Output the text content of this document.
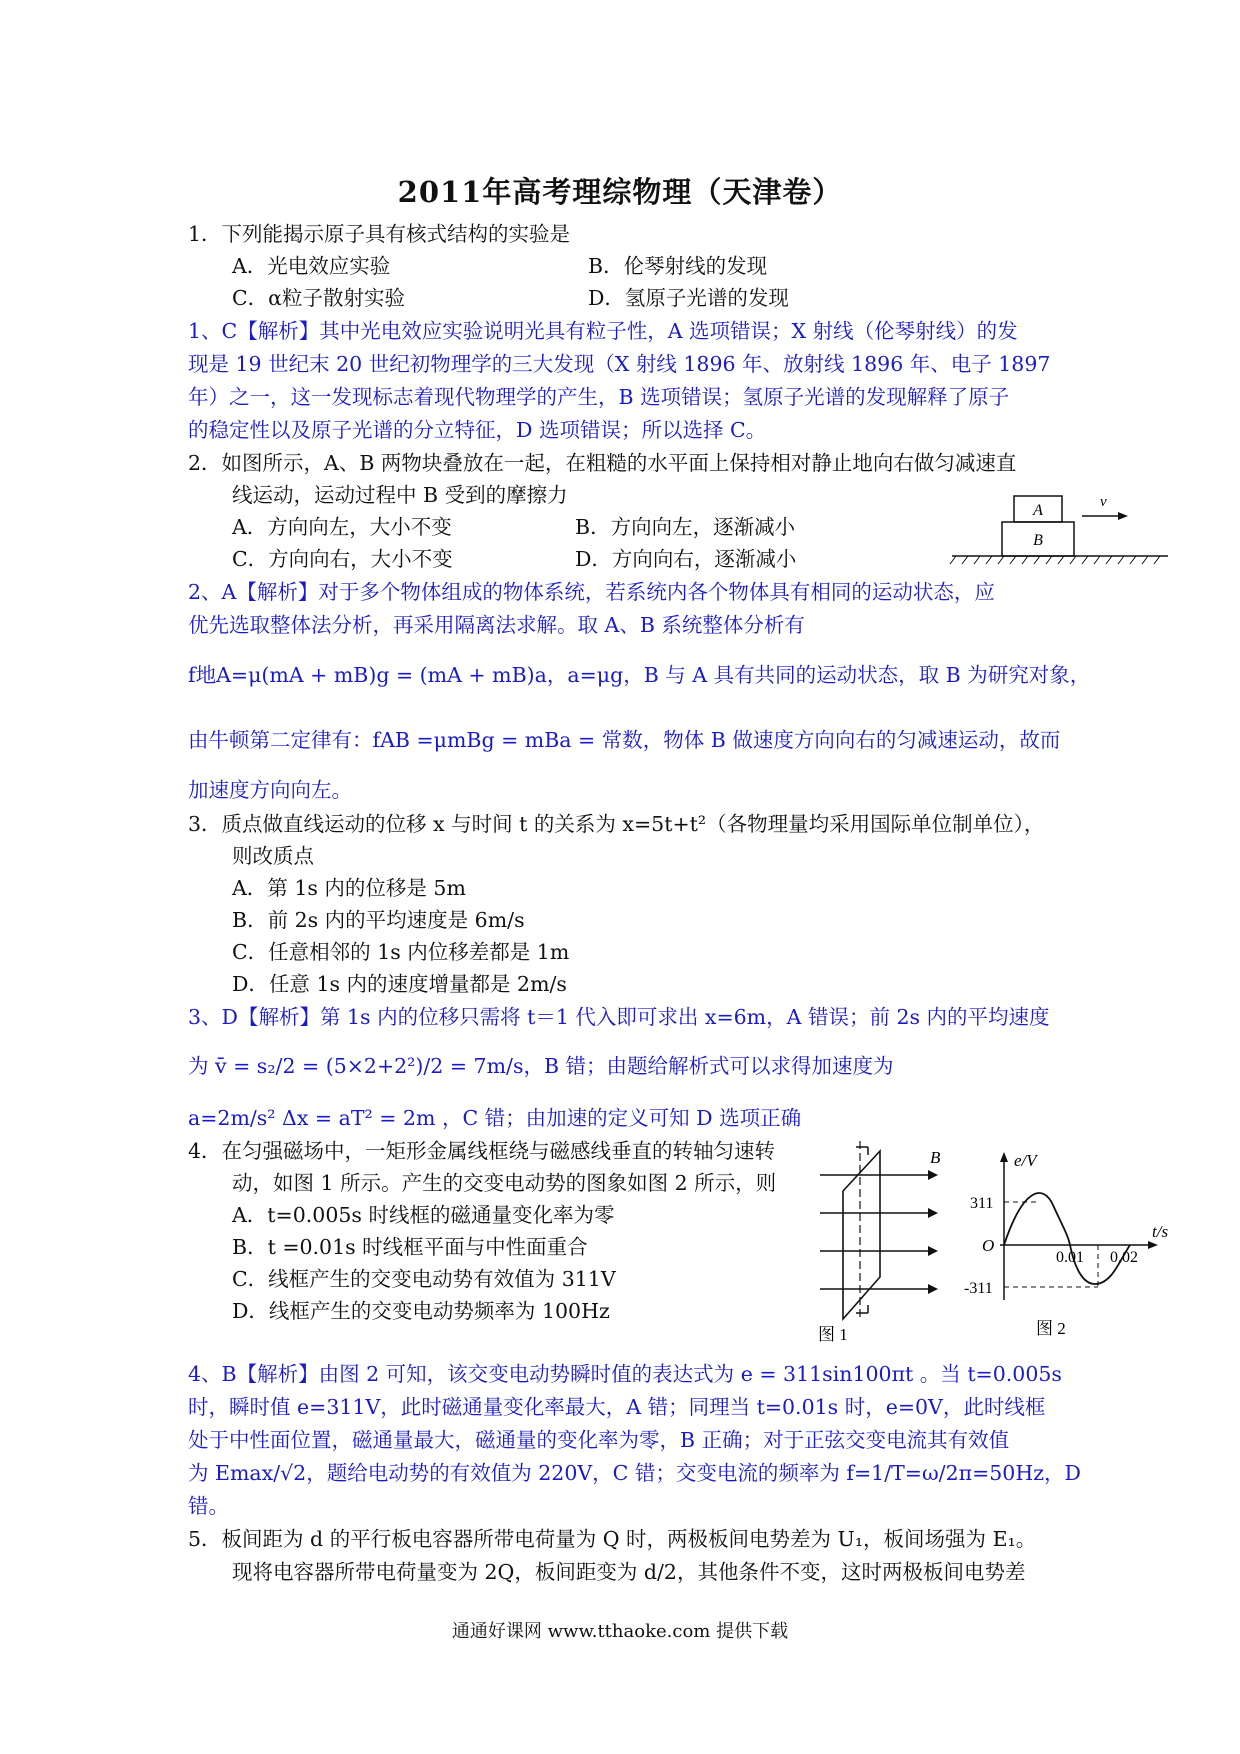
2011年高考理综物理（天津卷）
1．下列能揭示原子具有核式结构的实验是
A．光电效应实验	B．伦琴射线的发现
C．α粒子散射实验	D．氢原子光谱的发现
1、C【解析】其中光电效应实验说明光具有粒子性，A 选项错误；X 射线（伦琴射线）的发
现是 19 世纪末 20 世纪初物理学的三大发现（X 射线 1896 年、放射线 1896 年、电子 1897
年）之一，这一发现标志着现代物理学的产生，B 选项错误；氢原子光谱的发现解释了原子
的稳定性以及原子光谱的分立特征，D 选项错误；所以选择 C。
2．如图所示，A、B 两物块叠放在一起，在粗糙的水平面上保持相对静止地向右做匀减速直
线运动，运动过程中 B 受到的摩擦力
A．方向向左，大小不变	B．方向向左，逐渐减小
C．方向向右，大小不变	D．方向向右，逐渐减小
A
B
v
2、A【解析】对于多个物体组成的物体系统，若系统内各个物体具有相同的运动状态，应
优先选取整体法分析，再采用隔离法求解。取 A、B 系统整体分析有
f地A=μ(mA + mB)g = (mA + mB)a，a=μg，B 与 A 具有共同的运动状态，取 B 为研究对象，
由牛顿第二定律有：fAB =μmBg = mBa = 常数，物体 B 做速度方向向右的匀减速运动，故而
加速度方向向左。
3．质点做直线运动的位移 x 与时间 t 的关系为 x=5t+t²（各物理量均采用国际单位制单位），
则改质点
A．第 1s 内的位移是 5m
B．前 2s 内的平均速度是 6m/s
C．任意相邻的 1s 内位移差都是 1m
D．任意 1s 内的速度增量都是 2m/s
3、D【解析】第 1s 内的位移只需将 t＝1 代入即可求出 x=6m，A 错误；前 2s 内的平均速度
为 v̄ = s₂/2 = (5×2+2²)/2 = 7m/s，B 错；由题给解析式可以求得加速度为
a=2m/s² Δx = aT² = 2m ，C 错；由加速的定义可知 D 选项正确
4．在匀强磁场中，一矩形金属线框绕与磁感线垂直的转轴匀速转
动，如图 1 所示。产生的交变电动势的图象如图 2 所示，则
A．t=0.005s 时线框的磁通量变化率为零
B．t =0.01s 时线框平面与中性面重合
C．线框产生的交变电动势有效值为 311V
D．线框产生的交变电动势频率为 100Hz
B
图 1
e/V
t/s
O
311
-311
0.01 0.02
图 2
4、B【解析】由图 2 可知，该交变电动势瞬时值的表达式为 e = 311sin100πt 。当 t=0.005s
时，瞬时值 e=311V，此时磁通量变化率最大，A 错；同理当 t=0.01s 时，e=0V，此时线框
处于中性面位置，磁通量最大，磁通量的变化率为零，B 正确；对于正弦交变电流其有效值
为 Emax/√2，题给电动势的有效值为 220V，C 错；交变电流的频率为 f=1/T=ω/2π=50Hz，D
错。
5．板间距为 d 的平行板电容器所带电荷量为 Q 时，两极板间电势差为 U₁，板间场强为 E₁。
现将电容器所带电荷量变为 2Q，板间距变为 d/2，其他条件不变，这时两极板间电势差
通通好课网 www.tthaoke.com 提供下载
